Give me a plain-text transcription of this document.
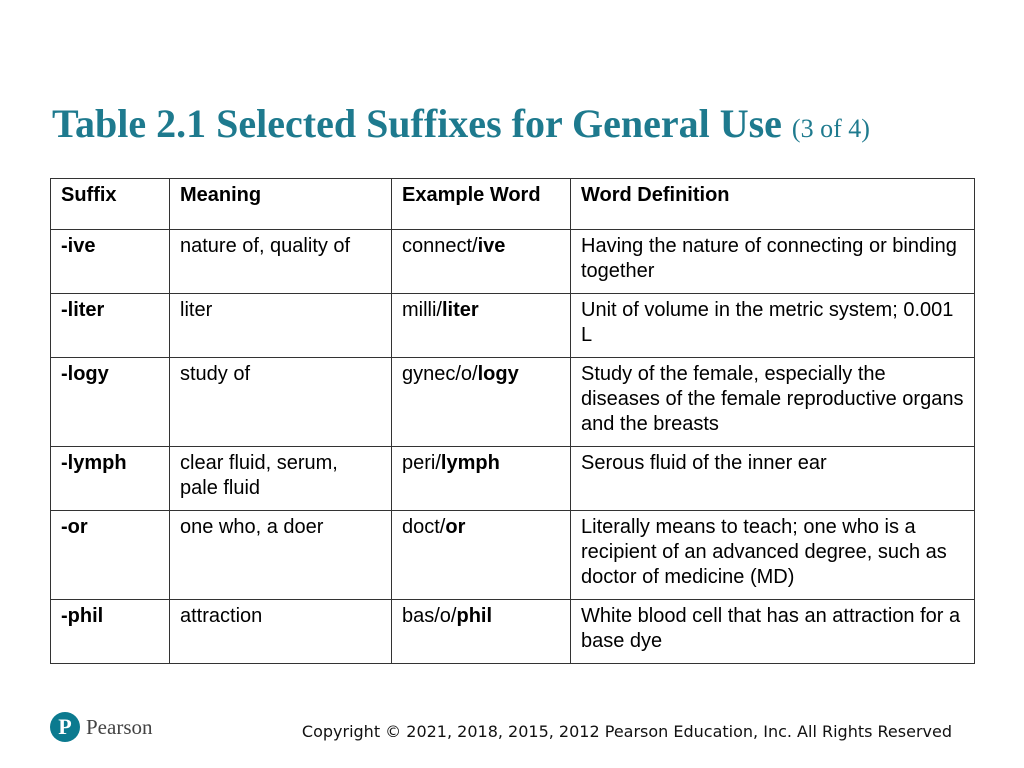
Table 2.1 Selected Suffixes for General Use (3 of 4)
Suffix	Meaning	Example Word	Word Definition
-ive	nature of, quality of	connect/ive	Having the nature of connecting or binding together
-liter	liter	milli/liter	Unit of volume in the metric system; 0.001 L
-logy	study of	gynec/o/logy	Study of the female, especially the diseases of the female reproductive organs and the breasts
-lymph	clear fluid, serum, pale fluid	peri/lymph	Serous fluid of the inner ear
-or	one who, a doer	doct/or	Literally means to teach; one who is a recipient of an advanced degree, such as doctor of medicine (MD)
-phil	attraction	bas/o/phil	White blood cell that has an attraction for a base dye
P Pearson	Copyright © 2021, 2018, 2015, 2012 Pearson Education, Inc. All Rights Reserved
